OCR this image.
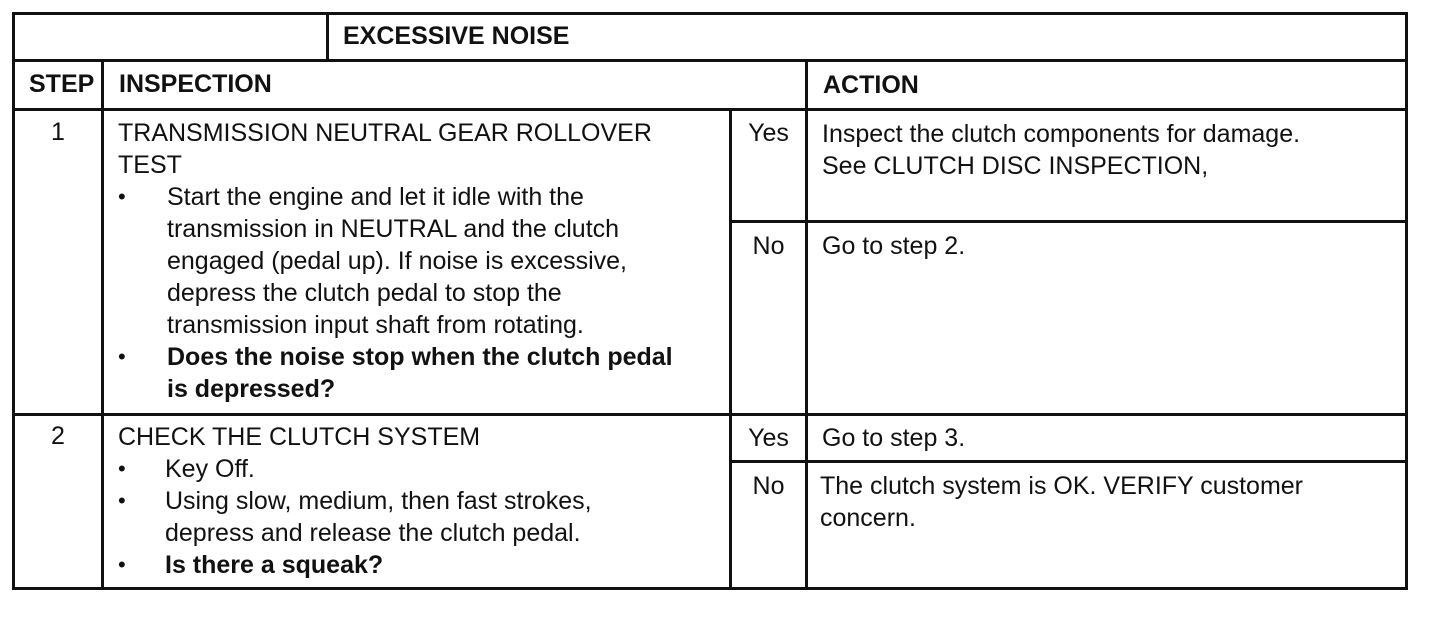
EXCESSIVE NOISE
STEP INSPECTION	ACTION
1	TRANSMISSION NEUTRAL GEAR ROLLOVER
TEST
• Start the engine and let it idle with the
transmission in NEUTRAL and the clutch
engaged (pedal up). If noise is excessive,
depress the clutch pedal to stop the
transmission input shaft from rotating.
• Does the noise stop when the clutch pedal
is depressed?
Yes	Inspect the clutch components for damage.
See CLUTCH DISC INSPECTION,
No	Go to step 2.
2	CHECK THE CLUTCH SYSTEM
• Key Off.
• Using slow, medium, then fast strokes,
depress and release the clutch pedal.
• Is there a squeak?
Yes	Go to step 3.
No	The clutch system is OK. VERIFY customer
concern.
